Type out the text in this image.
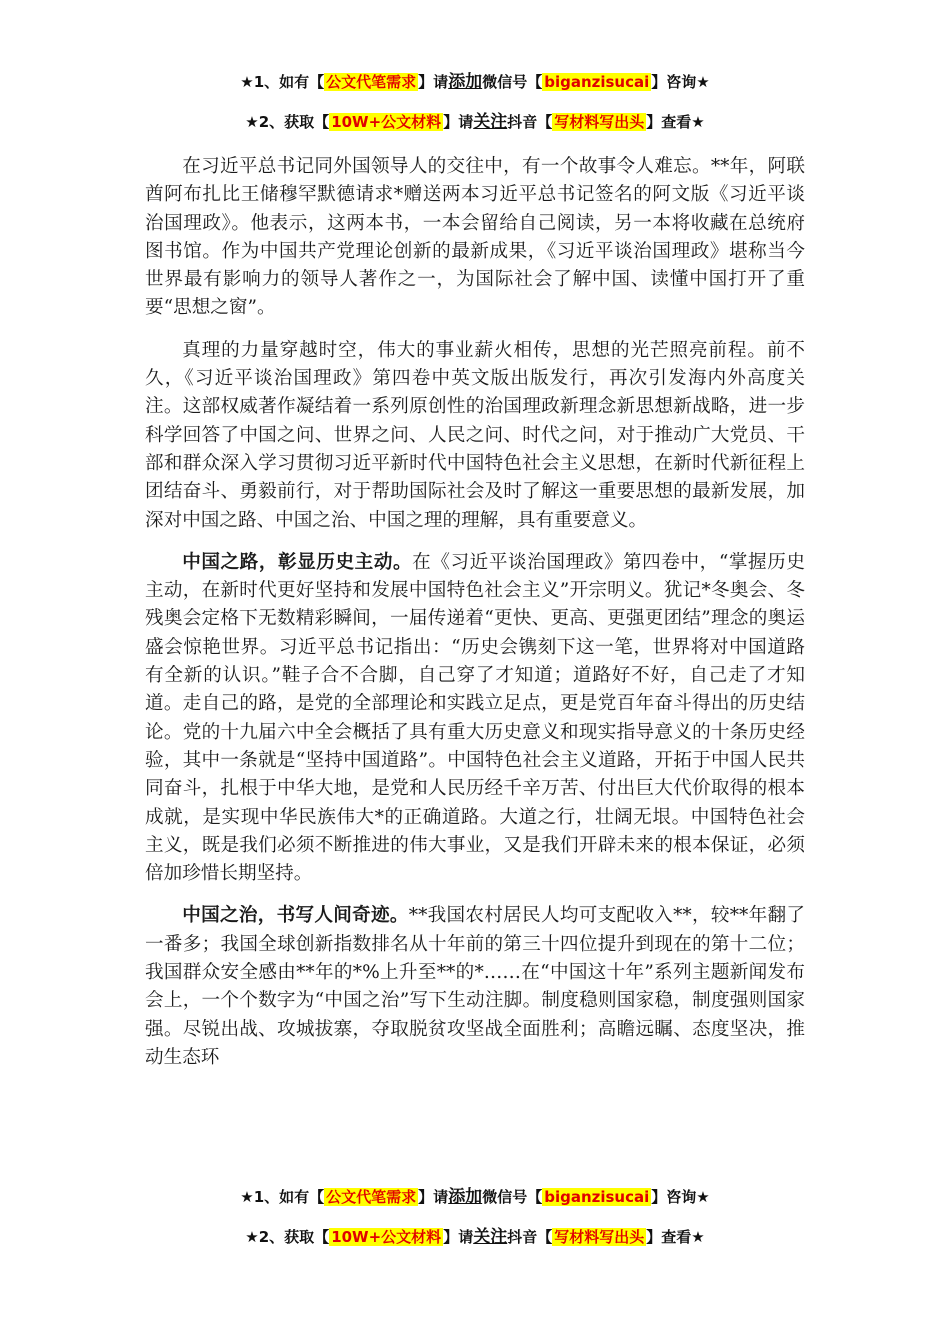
★1、如有【 公文代笔需求 】请添加微信号【 biganzisucai 】咨询★
★2、获取【 10W+公文材料 】请关注抖音【 写材料写出头 】查看★

在习近平总书记同外国领导人的交往中，有一个故事令人难忘。**年，阿联酋阿布扎比王储穆罕默德请求*赠送两本习近平总书记签名的阿文版《习近平谈治国理政》。他表示，这两本书，一本会留给自己阅读，另一本将收藏在总统府图书馆。作为中国共产党理论创新的最新成果，《习近平谈治国理政》堪称当今世界最有影响力的领导人著作之一，为国际社会了解中国、读懂中国打开了重要“思想之窗”。

真理的力量穿越时空，伟大的事业薪火相传，思想的光芒照亮前程。前不久，《习近平谈治国理政》第四卷中英文版出版发行，再次引发海内外高度关注。这部权威著作凝结着一系列原创性的治国理政新理念新思想新战略，进一步科学回答了中国之问、世界之问、人民之问、时代之问，对于推动广大党员、干部和群众深入学习贯彻习近平新时代中国特色社会主义思想，在新时代新征程上团结奋斗、勇毅前行，对于帮助国际社会及时了解这一重要思想的最新发展，加深对中国之路、中国之治、中国之理的理解，具有重要意义。

中国之路，彰显历史主动。在《习近平谈治国理政》第四卷中，“掌握历史主动，在新时代更好坚持和发展中国特色社会主义”开宗明义。犹记*冬奥会、冬残奥会定格下无数精彩瞬间，一届传递着“更快、更高、更强更团结”理念的奥运盛会惊艳世界。习近平总书记指出：“历史会镌刻下这一笔，世界将对中国道路有全新的认识。”鞋子合不合脚，自己穿了才知道；道路好不好，自己走了才知道。走自己的路，是党的全部理论和实践立足点，更是党百年奋斗得出的历史结论。党的十九届六中全会概括了具有重大历史意义和现实指导意义的十条历史经验，其中一条就是“坚持中国道路”。中国特色社会主义道路，开拓于中国人民共同奋斗，扎根于中华大地，是党和人民历经千辛万苦、付出巨大代价取得的根本成就，是实现中华民族伟大*的正确道路。大道之行，壮阔无垠。中国特色社会主义，既是我们必须不断推进的伟大事业，又是我们开辟未来的根本保证，必须倍加珍惜长期坚持。

中国之治，书写人间奇迹。**我国农村居民人均可支配收入**，较**年翻了一番多；我国全球创新指数排名从十年前的第三十四位提升到现在的第十二位；我国群众安全感由**年的*%上升至**的*……在“中国这十年”系列主题新闻发布会上，一个个数字为“中国之治”写下生动注脚。制度稳则国家稳，制度强则国家强。尽锐出战、攻城拔寨，夺取脱贫攻坚战全面胜利；高瞻远瞩、态度坚决，推动生态环

★1、如有【 公文代笔需求 】请添加微信号【 biganzisucai 】咨询★
★2、获取【 10W+公文材料 】请关注抖音【 写材料写出头 】查看★
